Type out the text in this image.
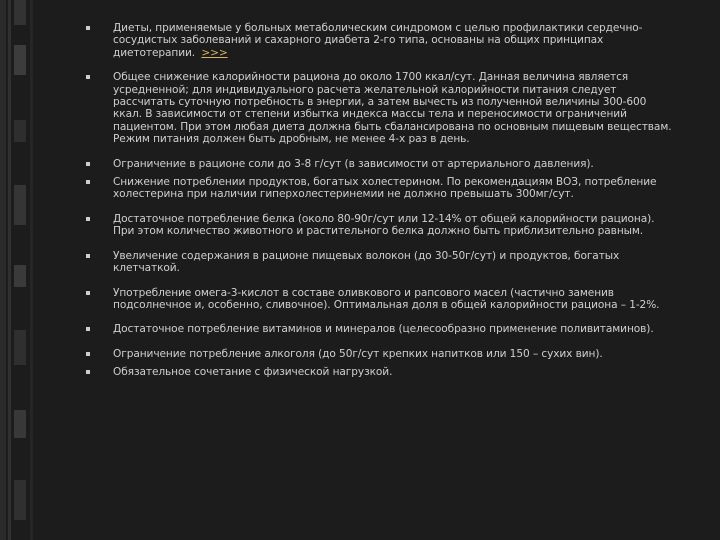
Диеты, применяемые у больных метаболическим синдромом с целью профилактики сердечно-сосудистых заболеваний и сахарного диабета 2-го типа, основаны на общих принципах диетотерапии. >>>
Общее снижение калорийности рациона до около 1700 ккал/сут. Данная величина является усредненной; для индивидуального расчета желательной калорийности питания следует рассчитать суточную потребность в энергии, а затем вычесть из полученной величины 300-600 ккал. В зависимости от степени избытка индекса массы тела и переносимости ограничений пациентом. При этом любая диета должна быть сбалансирована по основным пищевым веществам. Режим питания должен быть дробным, не менее 4-х раз в день.
Ограничение в рационе соли до 3-8 г/сут (в зависимости от артериального давления).
Снижение потреблении продуктов, богатых холестерином. По рекомендациям ВОЗ, потребление холестерина при наличии гиперхолестеринемии не должно превышать 300мг/сут.
Достаточное потребление белка (около 80-90г/сут или 12-14% от общей калорийности рациона). При этом количество животного и растительного белка должно быть приблизительно равным.
Увеличение содержания в рационе пищевых волокон (до 30-50г/сут) и продуктов, богатых клетчаткой.
Употребление омега-3-кислот в составе оливкового и рапсового масел (частично заменив подсолнечное и, особенно, сливочное). Оптимальная доля в общей калорийности рациона – 1-2%.
Достаточное потребление витаминов и минералов (целесообразно применение поливитаминов).
Ограничение потребление алкоголя (до 50г/сут крепких напитков или 150 – сухих вин).
Обязательное сочетание с физической нагрузкой.
